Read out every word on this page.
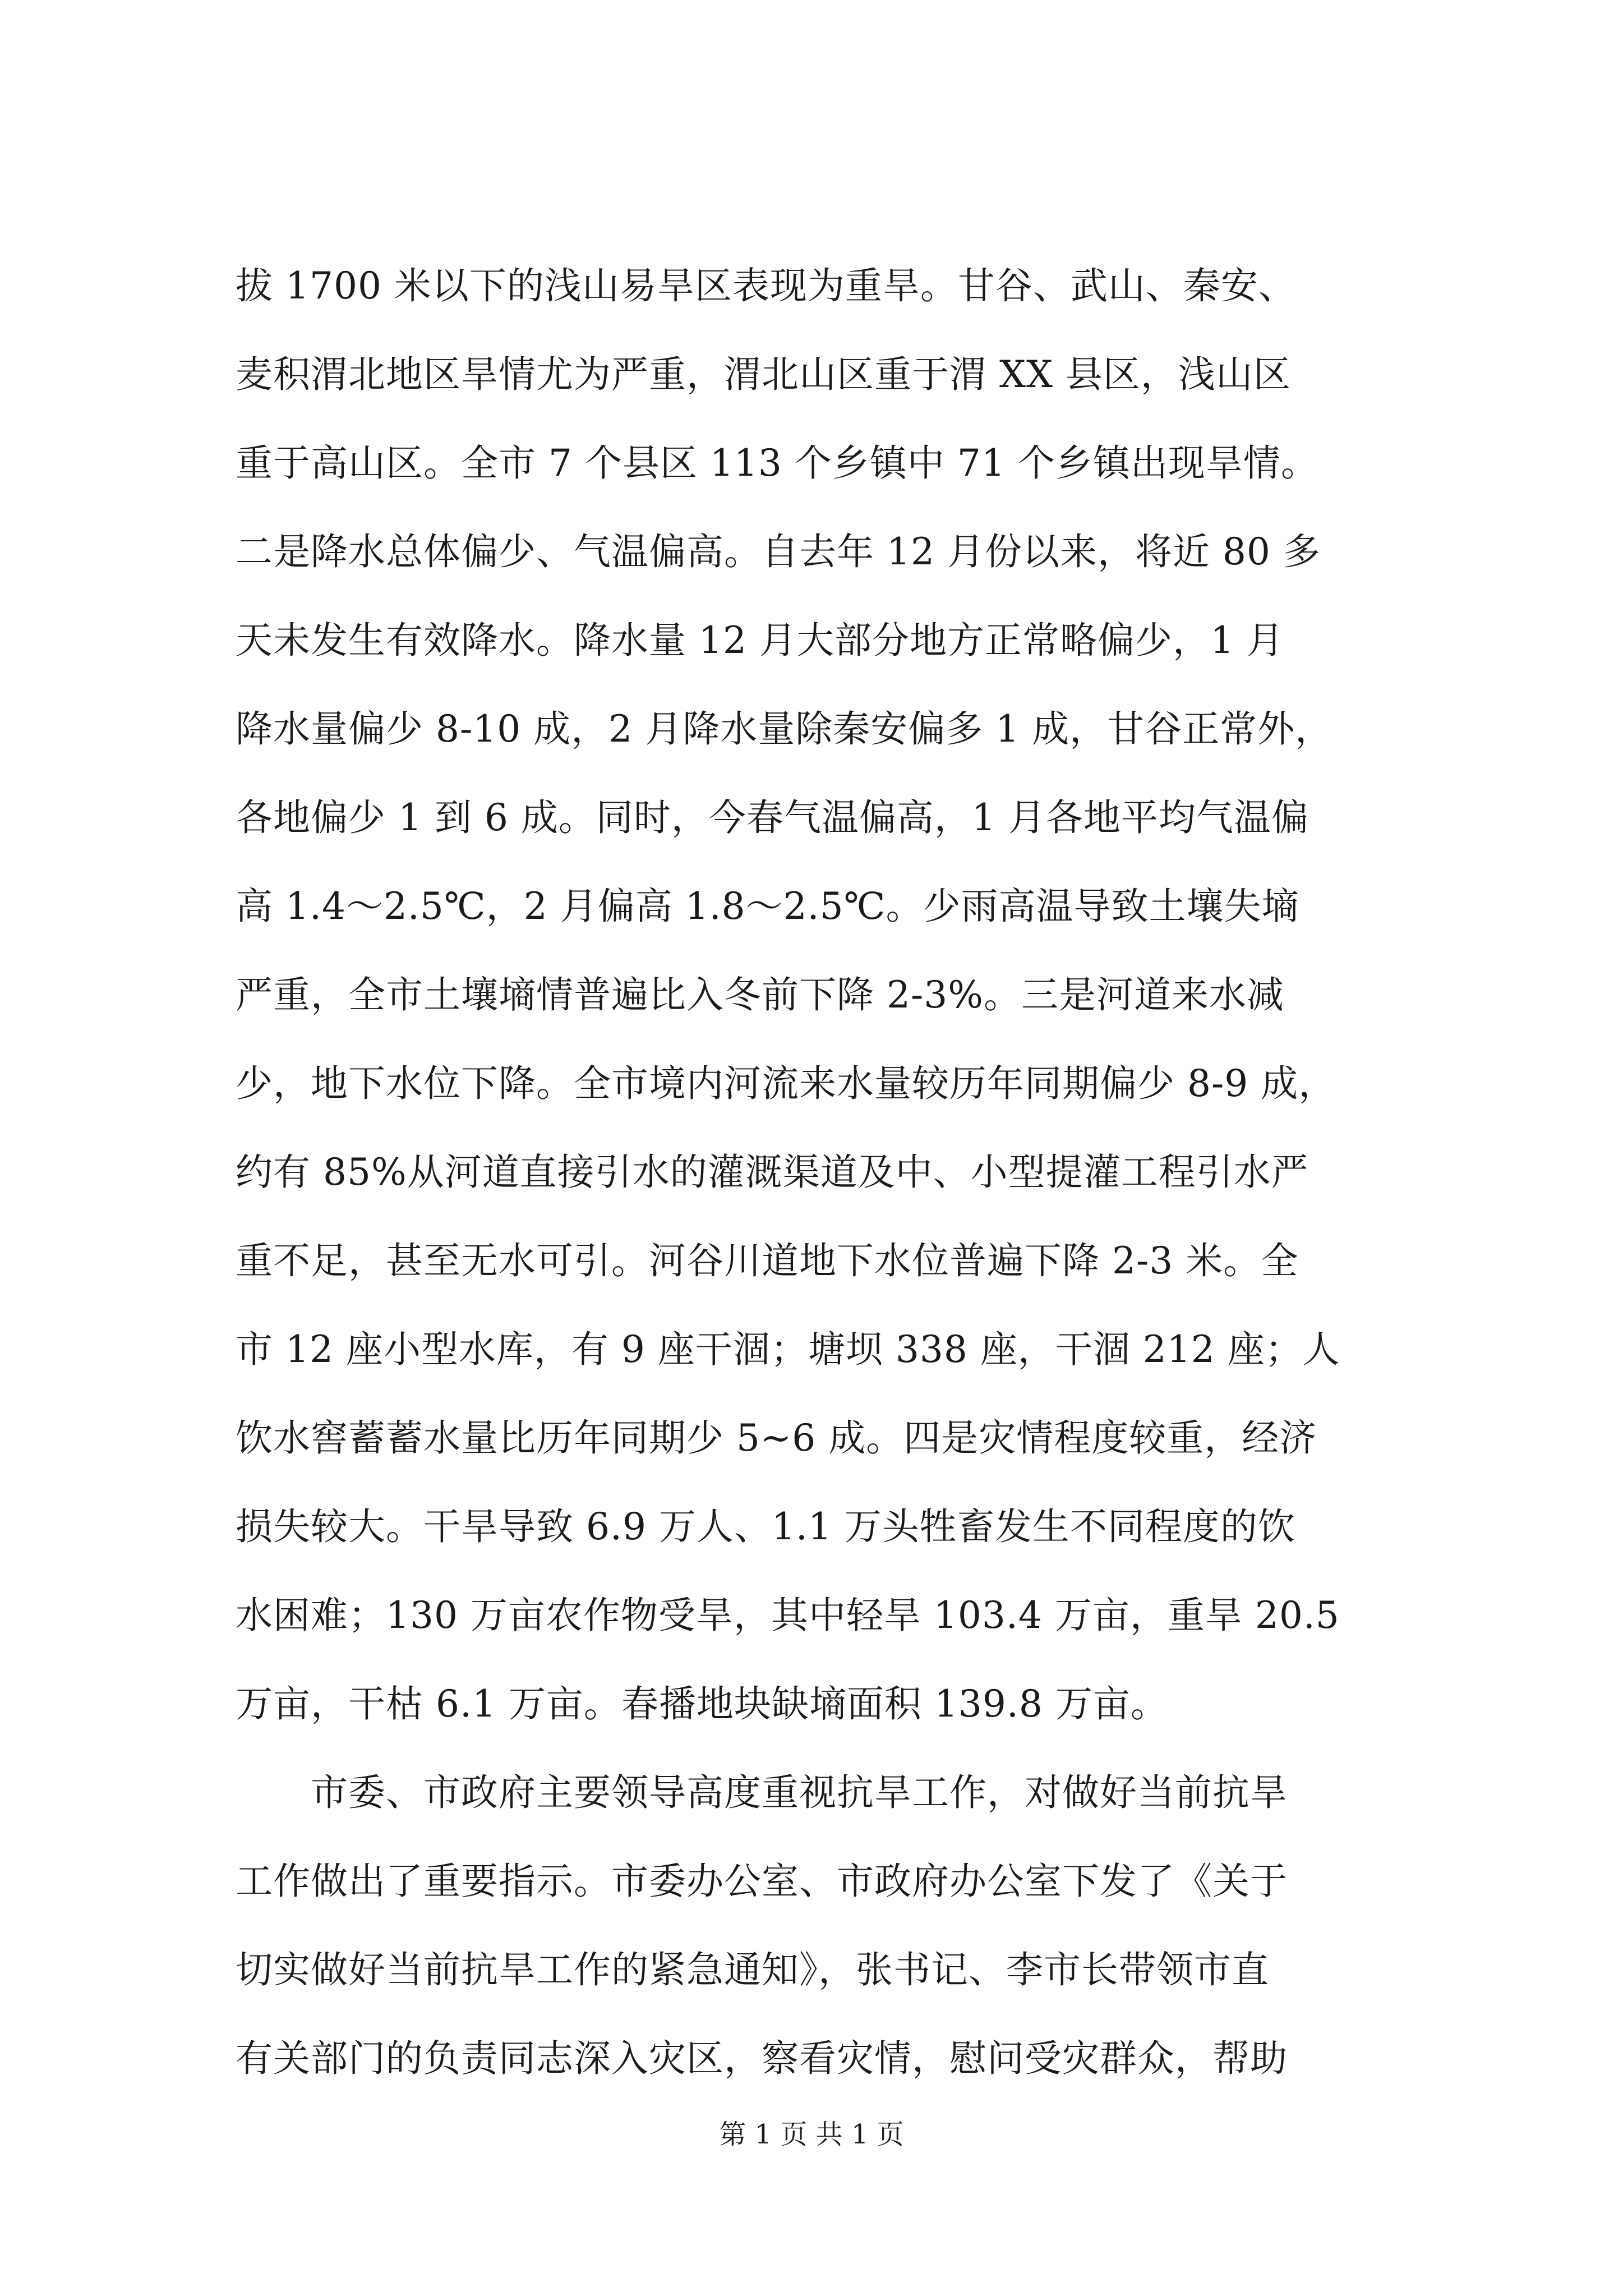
拔 1700 米以下的浅山易旱区表现为重旱。甘谷、武山、秦安、
麦积渭北地区旱情尤为严重，渭北山区重于渭 XX 县区，浅山区
重于高山区。全市 7 个县区 113 个乡镇中 71 个乡镇出现旱情。
二是降水总体偏少、气温偏高。自去年 12 月份以来，将近 80 多
天未发生有效降水。降水量 12 月大部分地方正常略偏少，1 月
降水量偏少 8-10 成，2 月降水量除秦安偏多 1 成，甘谷正常外，
各地偏少 1 到 6 成。同时，今春气温偏高，1 月各地平均气温偏
高 1.4～2.5℃，2 月偏高 1.8～2.5℃。少雨高温导致土壤失墒
严重，全市土壤墒情普遍比入冬前下降 2-3%。三是河道来水减
少，地下水位下降。全市境内河流来水量较历年同期偏少 8-9 成，
约有 85%从河道直接引水的灌溉渠道及中、小型提灌工程引水严
重不足，甚至无水可引。河谷川道地下水位普遍下降 2-3 米。全
市 12 座小型水库，有 9 座干涸；塘坝 338 座，干涸 212 座；人
饮水窖蓄蓄水量比历年同期少 5~6 成。四是灾情程度较重，经济
损失较大。干旱导致 6.9 万人、1.1 万头牲畜发生不同程度的饮
水困难；130 万亩农作物受旱，其中轻旱 103.4 万亩，重旱 20.5
万亩，干枯 6.1 万亩。春播地块缺墒面积 139.8 万亩。
　　市委、市政府主要领导高度重视抗旱工作，对做好当前抗旱
工作做出了重要指示。市委办公室、市政府办公室下发了《关于
切实做好当前抗旱工作的紧急通知》，张书记、李市长带领市直
有关部门的负责同志深入灾区，察看灾情，慰问受灾群众，帮助
第 1 页 共 1 页
